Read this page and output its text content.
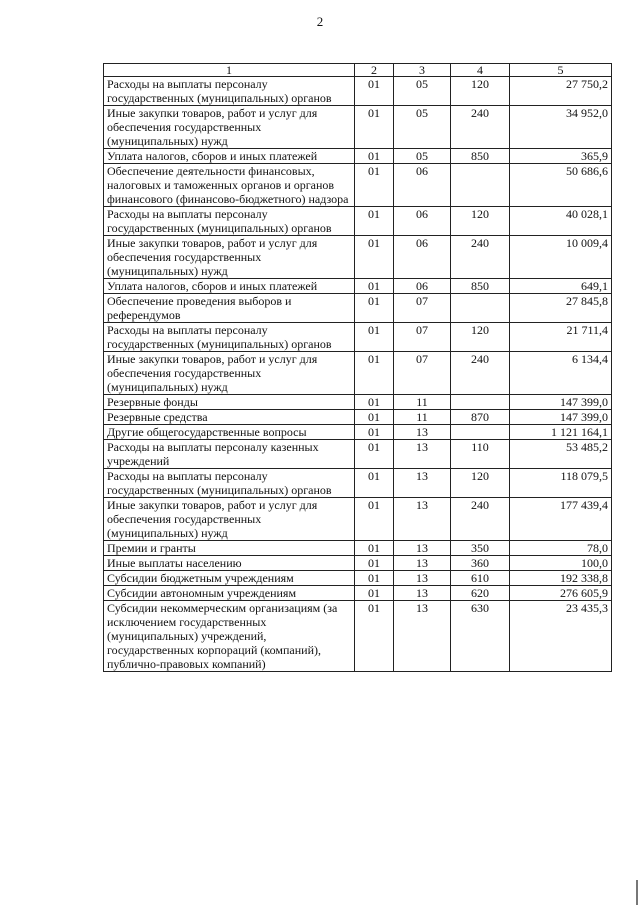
2
1	2	3	4	5
Расходы на выплаты персоналу государственных (муниципальных) органов	01	05	120	27 750,2
Иные закупки товаров, работ и услуг для обеспечения государственных (муниципальных) нужд	01	05	240	34 952,0
Уплата налогов, сборов и иных платежей	01	05	850	365,9
Обеспечение деятельности финансовых, налоговых и таможенных органов и органов финансового (финансово-бюджетного) надзора	01	06		50 686,6
Расходы на выплаты персоналу государственных (муниципальных) органов	01	06	120	40 028,1
Иные закупки товаров, работ и услуг для обеспечения государственных (муниципальных) нужд	01	06	240	10 009,4
Уплата налогов, сборов и иных платежей	01	06	850	649,1
Обеспечение проведения выборов и референдумов	01	07		27 845,8
Расходы на выплаты персоналу государственных (муниципальных) органов	01	07	120	21 711,4
Иные закупки товаров, работ и услуг для обеспечения государственных (муниципальных) нужд	01	07	240	6 134,4
Резервные фонды	01	11		147 399,0
Резервные средства	01	11	870	147 399,0
Другие общегосударственные вопросы	01	13		1 121 164,1
Расходы на выплаты персоналу казенных учреждений	01	13	110	53 485,2
Расходы на выплаты персоналу государственных (муниципальных) органов	01	13	120	118 079,5
Иные закупки товаров, работ и услуг для обеспечения государственных (муниципальных) нужд	01	13	240	177 439,4
Премии и гранты	01	13	350	78,0
Иные выплаты населению	01	13	360	100,0
Субсидии бюджетным учреждениям	01	13	610	192 338,8
Субсидии автономным учреждениям	01	13	620	276 605,9
Субсидии некоммерческим организациям (за исключением государственных (муниципальных) учреждений, государственных корпораций (компаний), публично-правовых компаний)	01	13	630	23 435,3
